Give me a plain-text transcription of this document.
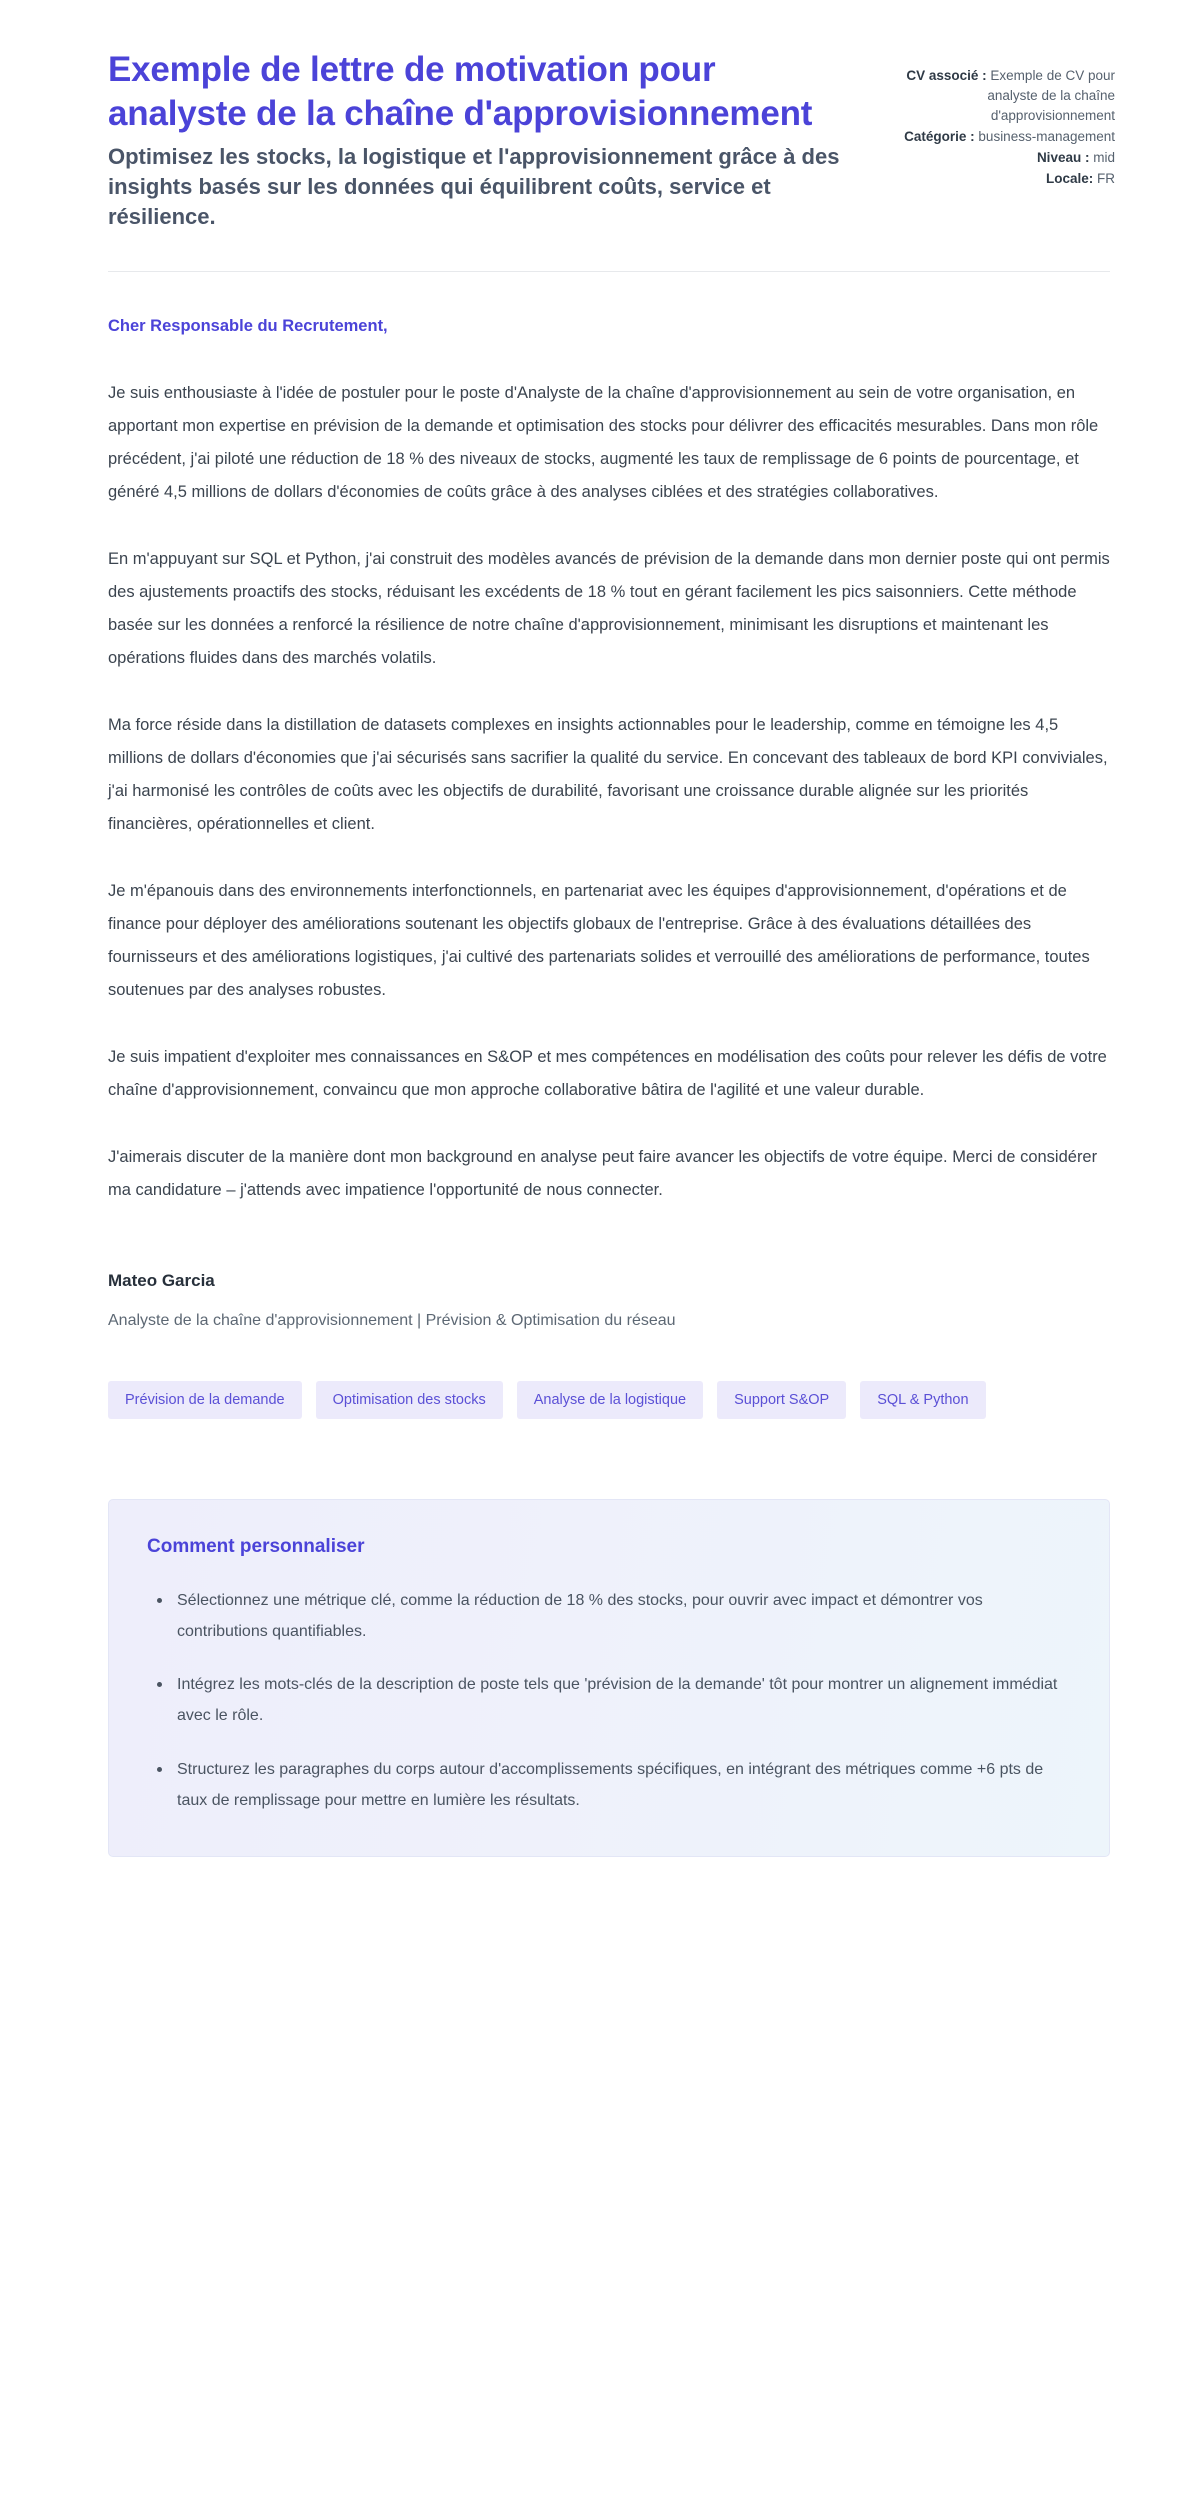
Exemple de lettre de motivation pour analyste de la chaîne d'approvisionnement

Optimisez les stocks, la logistique et l'approvisionnement grâce à des insights basés sur les données qui équilibrent coûts, service et résilience.

CV associé : Exemple de CV pour analyste de la chaîne d'approvisionnement
Catégorie : business-management
Niveau : mid
Locale: FR

Cher Responsable du Recrutement,

Je suis enthousiaste à l'idée de postuler pour le poste d'Analyste de la chaîne d'approvisionnement au sein de votre organisation, en apportant mon expertise en prévision de la demande et optimisation des stocks pour délivrer des efficacités mesurables. Dans mon rôle précédent, j'ai piloté une réduction de 18 % des niveaux de stocks, augmenté les taux de remplissage de 6 points de pourcentage, et généré 4,5 millions de dollars d'économies de coûts grâce à des analyses ciblées et des stratégies collaboratives.

En m'appuyant sur SQL et Python, j'ai construit des modèles avancés de prévision de la demande dans mon dernier poste qui ont permis des ajustements proactifs des stocks, réduisant les excédents de 18 % tout en gérant facilement les pics saisonniers. Cette méthode basée sur les données a renforcé la résilience de notre chaîne d'approvisionnement, minimisant les disruptions et maintenant les opérations fluides dans des marchés volatils.

Ma force réside dans la distillation de datasets complexes en insights actionnables pour le leadership, comme en témoigne les 4,5 millions de dollars d'économies que j'ai sécurisés sans sacrifier la qualité du service. En concevant des tableaux de bord KPI conviviales, j'ai harmonisé les contrôles de coûts avec les objectifs de durabilité, favorisant une croissance durable alignée sur les priorités financières, opérationnelles et client.

Je m'épanouis dans des environnements interfonctionnels, en partenariat avec les équipes d'approvisionnement, d'opérations et de finance pour déployer des améliorations soutenant les objectifs globaux de l'entreprise. Grâce à des évaluations détaillées des fournisseurs et des améliorations logistiques, j'ai cultivé des partenariats solides et verrouillé des améliorations de performance, toutes soutenues par des analyses robustes.

Je suis impatient d'exploiter mes connaissances en S&OP et mes compétences en modélisation des coûts pour relever les défis de votre chaîne d'approvisionnement, convaincu que mon approche collaborative bâtira de l'agilité et une valeur durable.

J'aimerais discuter de la manière dont mon background en analyse peut faire avancer les objectifs de votre équipe. Merci de considérer ma candidature – j'attends avec impatience l'opportunité de nous connecter.

Mateo Garcia

Analyste de la chaîne d'approvisionnement | Prévision & Optimisation du réseau

Prévision de la demande	Optimisation des stocks	Analyse de la logistique	Support S&OP	SQL & Python
Comment personnaliser
Sélectionnez une métrique clé, comme la réduction de 18 % des stocks, pour ouvrir avec impact et démontrer vos contributions quantifiables.
Intégrez les mots-clés de la description de poste tels que 'prévision de la demande' tôt pour montrer un alignement immédiat avec le rôle.
Structurez les paragraphes du corps autour d'accomplissements spécifiques, en intégrant des métriques comme +6 pts de taux de remplissage pour mettre en lumière les résultats.
